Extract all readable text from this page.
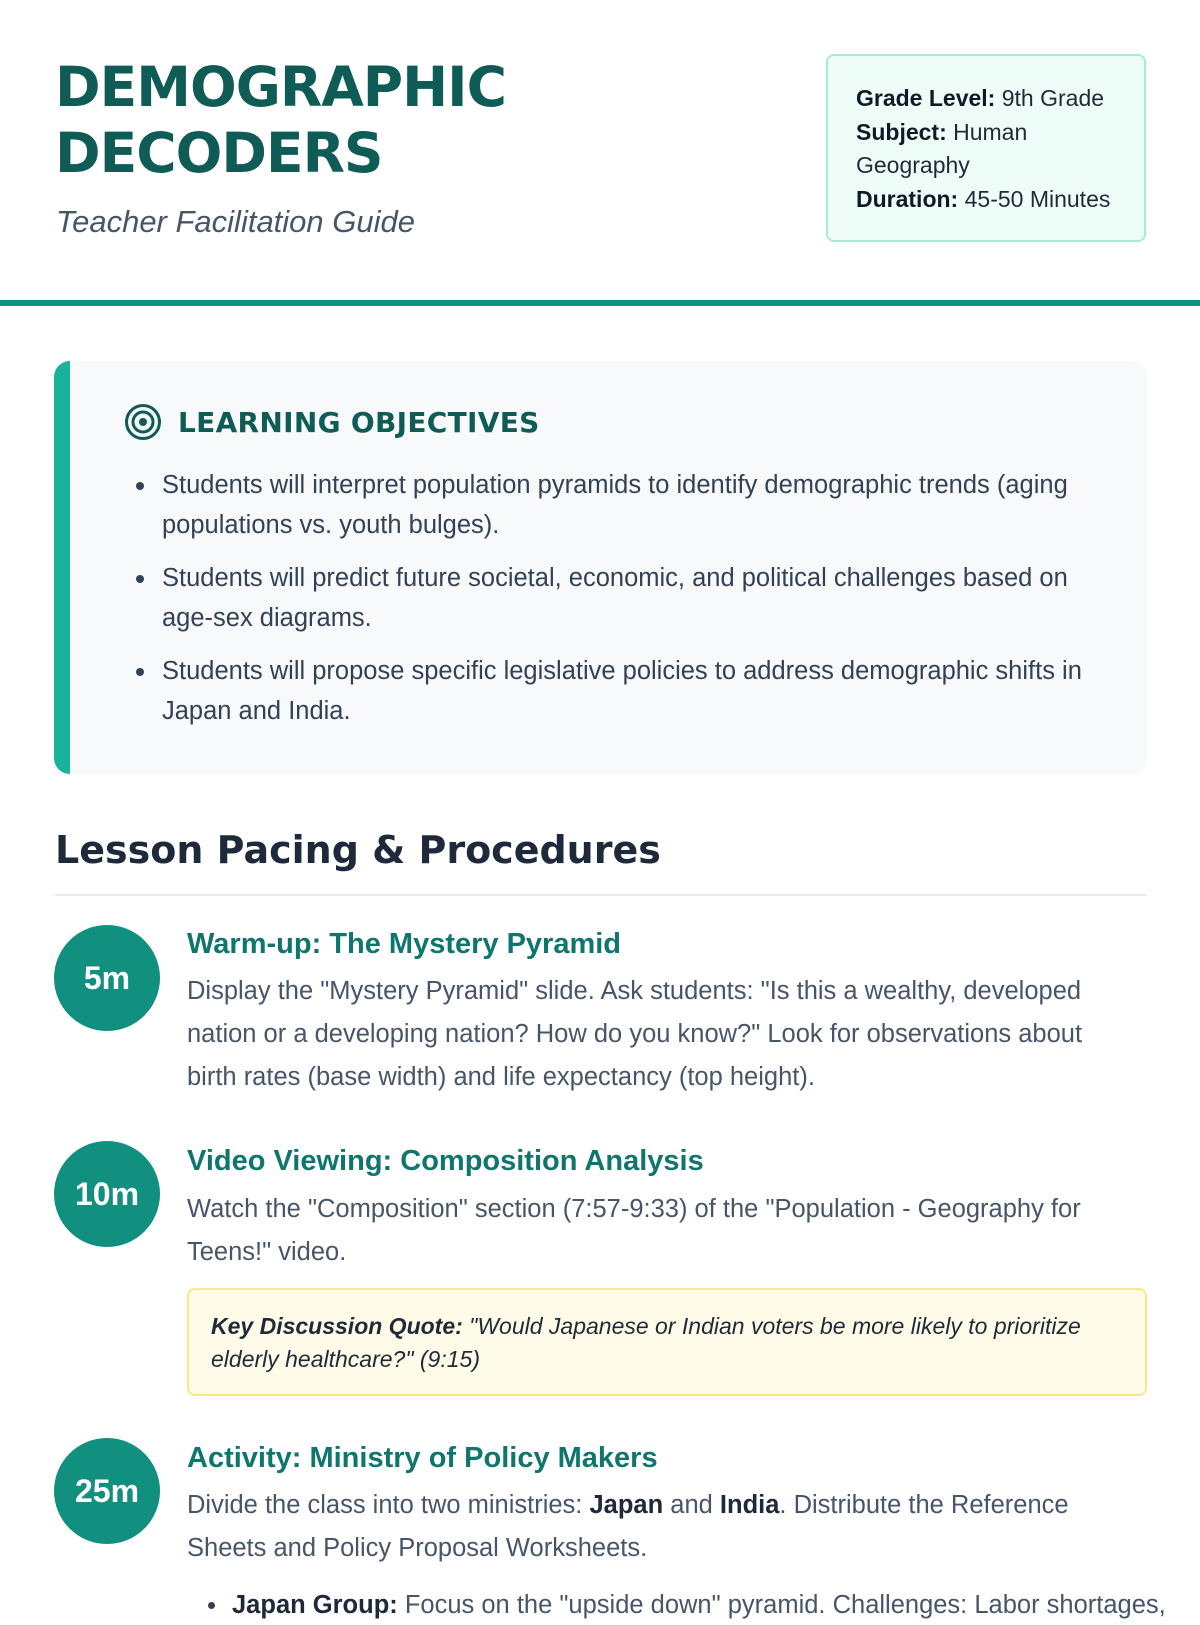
DEMOGRAPHIC
DECODERS

Teacher Facilitation Guide

Grade Level: 9th Grade
Subject: Human Geography
Duration: 45-50 Minutes
LEARNING OBJECTIVES
Students will interpret population pyramids to identify demographic trends (aging populations vs. youth bulges).
Students will predict future societal, economic, and political challenges based on age-sex diagrams.
Students will propose specific legislative policies to address demographic shifts in Japan and India.
Lesson Pacing & Procedures
5m
Warm-up: The Mystery Pyramid

Display the "Mystery Pyramid" slide. Ask students: "Is this a wealthy, developed nation or a developing nation? How do you know?" Look for observations about birth rates (base width) and life expectancy (top height).

10m
Video Viewing: Composition Analysis

Watch the "Composition" section (7:57-9:33) of the "Population - Geography for Teens!" video.

Key Discussion Quote: "Would Japanese or Indian voters be more likely to prioritize elderly healthcare?" (9:15)
25m
Activity: Ministry of Policy Makers

Divide the class into two ministries: Japan and India. Distribute the Reference Sheets and Policy Proposal Worksheets.

Japan Group: Focus on the "upside down" pyramid. Challenges: Labor shortages,
